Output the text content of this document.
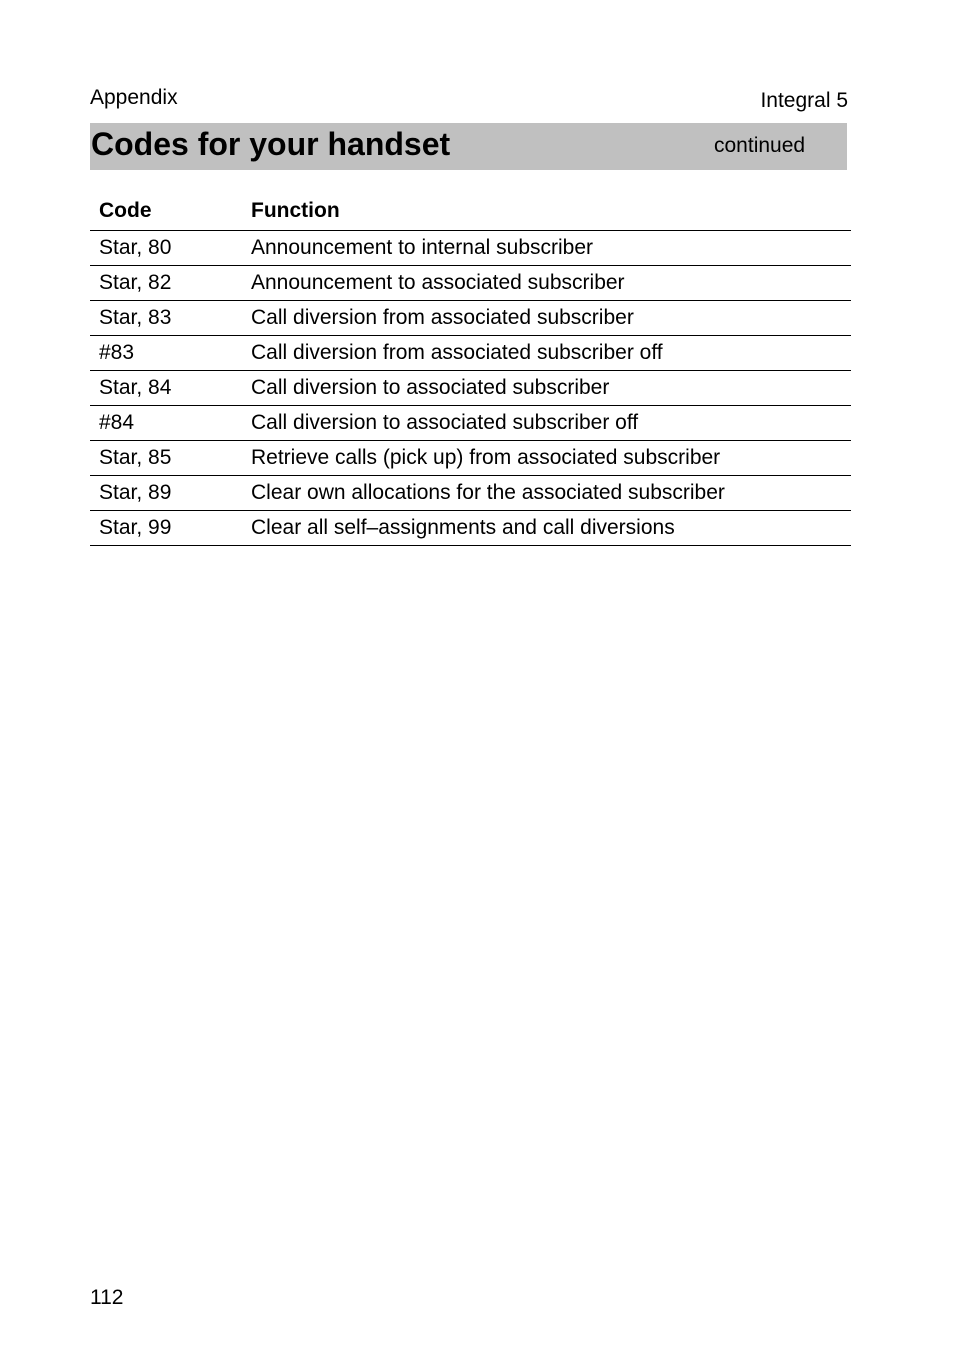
Appendix	Integral 5
Codes for your handset	continued
Code	Function
Star, 80	Announcement to internal subscriber
Star, 82	Announcement to associated subscriber
Star, 83	Call diversion from associated subscriber
#83	Call diversion from associated subscriber off
Star, 84	Call diversion to associated subscriber
#84	Call diversion to associated subscriber off
Star, 85	Retrieve calls (pick up) from associated subscriber
Star, 89	Clear own allocations for the associated subscriber
Star, 99	Clear all self–assignments and call diversions
112
